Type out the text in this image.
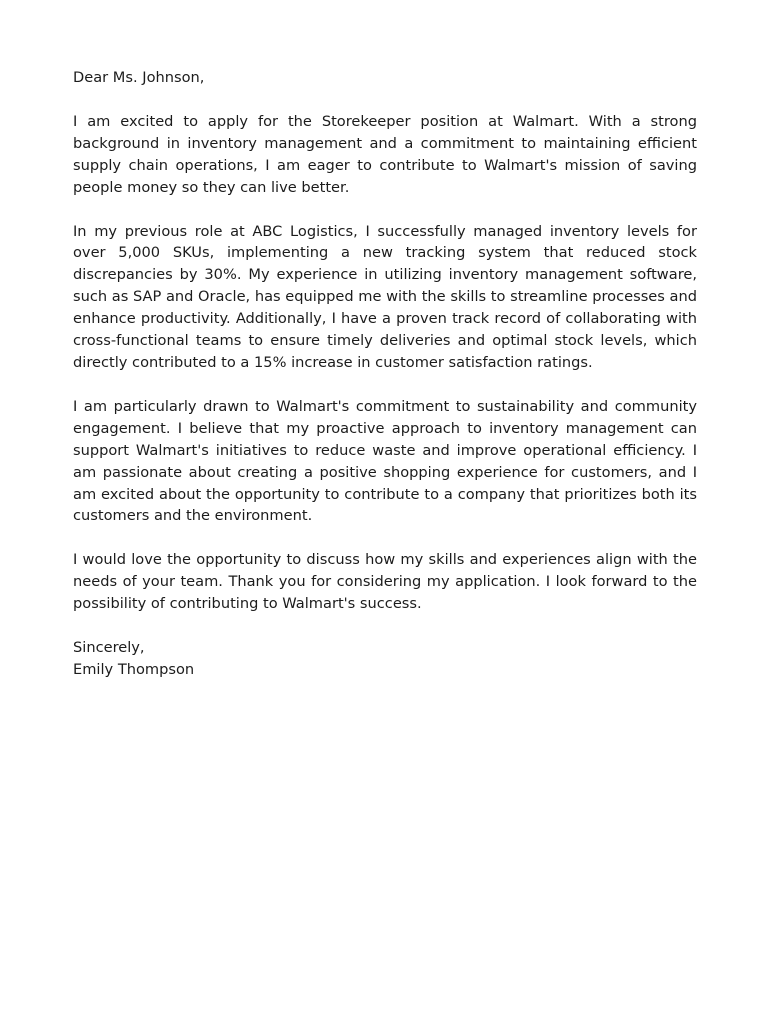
Dear Ms. Johnson,

I am excited to apply for the Storekeeper position at Walmart. With a strong background in inventory management and a commitment to maintaining efficient supply chain operations, I am eager to contribute to Walmart's mission of saving people money so they can live better.

In my previous role at ABC Logistics, I successfully managed inventory levels for over 5,000 SKUs, implementing a new tracking system that reduced stock discrepancies by 30%. My experience in utilizing inventory management software, such as SAP and Oracle, has equipped me with the skills to streamline processes and enhance productivity. Additionally, I have a proven track record of collaborating with cross-functional teams to ensure timely deliveries and optimal stock levels, which directly contributed to a 15% increase in customer satisfaction ratings.

I am particularly drawn to Walmart's commitment to sustainability and community engagement. I believe that my proactive approach to inventory management can support Walmart's initiatives to reduce waste and improve operational efficiency. I am passionate about creating a positive shopping experience for customers, and I am excited about the opportunity to contribute to a company that prioritizes both its customers and the environment.

I would love the opportunity to discuss how my skills and experiences align with the needs of your team. Thank you for considering my application. I look forward to the possibility of contributing to Walmart's success.

Sincerely,

Emily Thompson
